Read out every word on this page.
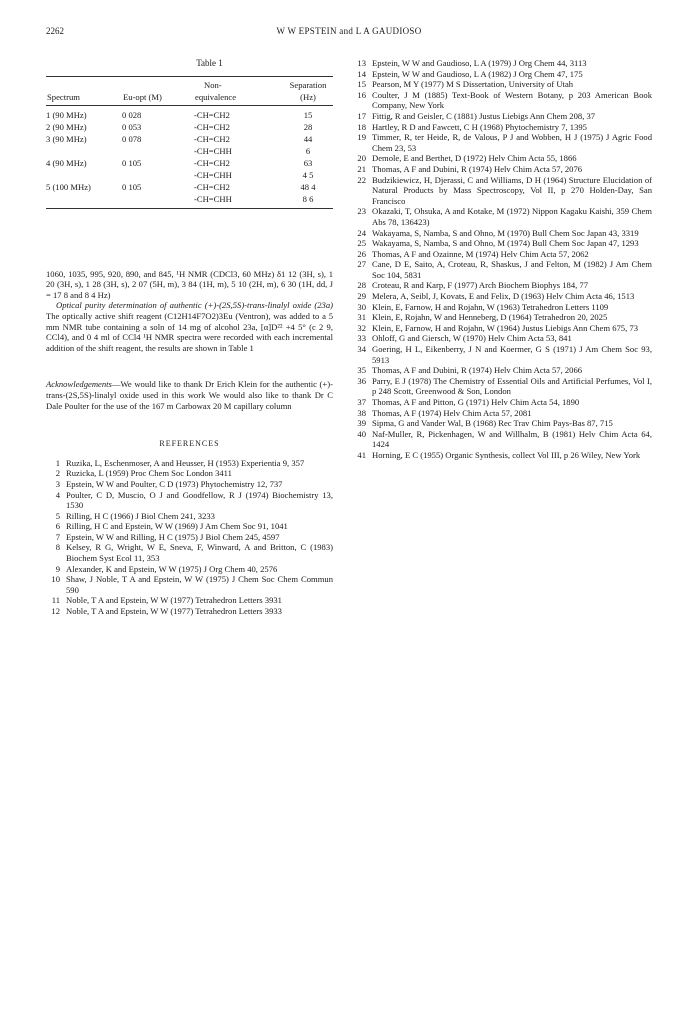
2262	W W EPSTEIN and L A GAUDIOSO
Table 1
		Non-	Separation
Spectrum	Eu-opt (M)	equivalence	(Hz)
1 (90 MHz)	0 028	-CH=CH2	15
2 (90 MHz)	0 053	-CH=CH2	28
3 (90 MHz)	0 078	-CH=CH2	44
		-CH=CHH	6
4 (90 MHz)	0 105	-CH=CH2	63
		-CH=CHH	4 5
5 (100 MHz)	0 105	-CH=CH2	48 4
		-CH=CHH	8 6

1060, 1035, 995, 920, 890, and 845, ¹H NMR (CDCl3, 60 MHz) δ1 12 (3H, s), 1 20 (3H, s), 1 28 (3H, s), 2 07 (5H, m), 3 84 (1H, m), 5 10 (2H, m), 6 30 (1H, dd, J = 17 8 and 8 4 Hz)

Optical purity determination of authentic (+)-(2S,5S)-trans-linalyl oxide (23a) The optically active shift reagent (C12H14F7O2)3Eu (Ventron), was added to a 5 mm NMR tube containing a soln of 14 mg of alcohol 23a, [α]D²² +4 5° (c 2 9, CCl4), and 0 4 ml of CCl4 ¹H NMR spectra were recorded with each incremental addition of the shift reagent, the results are shown in Table 1

Acknowledgements—We would like to thank Dr Erich Klein for the authentic (+)-trans-(2S,5S)-linalyl oxide used in this work We would also like to thank Dr C Dale Poulter for the use of the 167 m Carbowax 20 M capillary column
REFERENCES
1 Ruzika, L, Eschenmoser, A and Heusser, H (1953) Experientia 9, 357
2 Ruzicka, L (1959) Proc Chem Soc London 3411
3 Epstein, W W and Poulter, C D (1973) Phytochemistry 12, 737
4 Poulter, C D, Muscio, O J and Goodfellow, R J (1974) Biochemistry 13, 1530
5 Rilling, H C (1966) J Biol Chem 241, 3233
6 Rilling, H C and Epstein, W W (1969) J Am Chem Soc 91, 1041
7 Epstein, W W and Rilling, H C (1975) J Biol Chem 245, 4597
8 Kelsey, R G, Wright, W E, Sneva, F, Winward, A and Britton, C (1983) Biochem Syst Ecol 11, 353
9 Alexander, K and Epstein, W W (1975) J Org Chem 40, 2576
10 Shaw, J Noble, T A and Epstein, W W (1975) J Chem Soc Chem Commun 590
11 Noble, T A and Epstein, W W (1977) Tetrahedron Letters 3931
12 Noble, T A and Epstein, W W (1977) Tetrahedron Letters 3933
13 Epstein, W W and Gaudioso, L A (1979) J Org Chem 44, 3113
14 Epstein, W W and Gaudioso, L A (1982) J Org Chem 47, 175
15 Pearson, M Y (1977) M S Dissertation, University of Utah
16 Coulter, J M (1885) Text-Book of Western Botany, p 203 American Book Company, New York
17 Fittig, R and Geisler, C (1881) Justus Liebigs Ann Chem 208, 37
18 Hartley, R D and Fawcett, C H (1968) Phytochemistry 7, 1395
19 Timmer, R, ter Heide, R, de Valous, P J and Wobben, H J (1975) J Agric Food Chem 23, 53
20 Demole, E and Berthet, D (1972) Helv Chim Acta 55, 1866
21 Thomas, A F and Dubini, R (1974) Helv Chim Acta 57, 2076
22 Budzikiewicz, H, Djerassi, C and Williams, D H (1964) Structure Elucidation of Natural Products by Mass Spectroscopy, Vol II, p 270 Holden-Day, San Francisco
23 Okazaki, T, Ohsuka, A and Kotake, M (1972) Nippon Kagaku Kaishi, 359 Chem Abs 78, 136423)
24 Wakayama, S, Namba, S and Ohno, M (1970) Bull Chem Soc Japan 43, 3319
25 Wakayama, S, Namba, S and Ohno, M (1974) Bull Chem Soc Japan 47, 1293
26 Thomas, A F and Ozainne, M (1974) Helv Chim Acta 57, 2062
27 Cane, D E, Saito, A, Croteau, R, Shaskus, J and Felton, M (1982) J Am Chem Soc 104, 5831
28 Croteau, R and Karp, F (1977) Arch Biochem Biophys 184, 77
29 Melera, A, Seibl, J, Kovats, E and Felix, D (1963) Helv Chim Acta 46, 1513
30 Klein, E, Farnow, H and Rojahn, W (1963) Tetrahedron Letters 1109
31 Klein, E, Rojahn, W and Henneberg, D (1964) Tetrahedron 20, 2025
32 Klein, E, Farnow, H and Rojahn, W (1964) Justus Liebigs Ann Chem 675, 73
33 Ohloff, G and Giersch, W (1970) Helv Chim Acta 53, 841
34 Goering, H L, Eikenberry, J N and Koermer, G S (1971) J Am Chem Soc 93, 5913
35 Thomas, A F and Dubini, R (1974) Helv Chim Acta 57, 2066
36 Parry, E J (1978) The Chemistry of Essential Oils and Artificial Perfumes, Vol I, p 248 Scott, Greenwood & Son, London
37 Thomas, A F and Pitton, G (1971) Helv Chim Acta 54, 1890
38 Thomas, A F (1974) Helv Chim Acta 57, 2081
39 Sipma, G and Vander Wal, B (1968) Rec Trav Chim Pays-Bas 87, 715
40 Naf-Muller, R, Pickenhagen, W and Willhalm, B (1981) Helv Chim Acta 64, 1424
41 Horning, E C (1955) Organic Synthesis, collect Vol III, p 26 Wiley, New York
